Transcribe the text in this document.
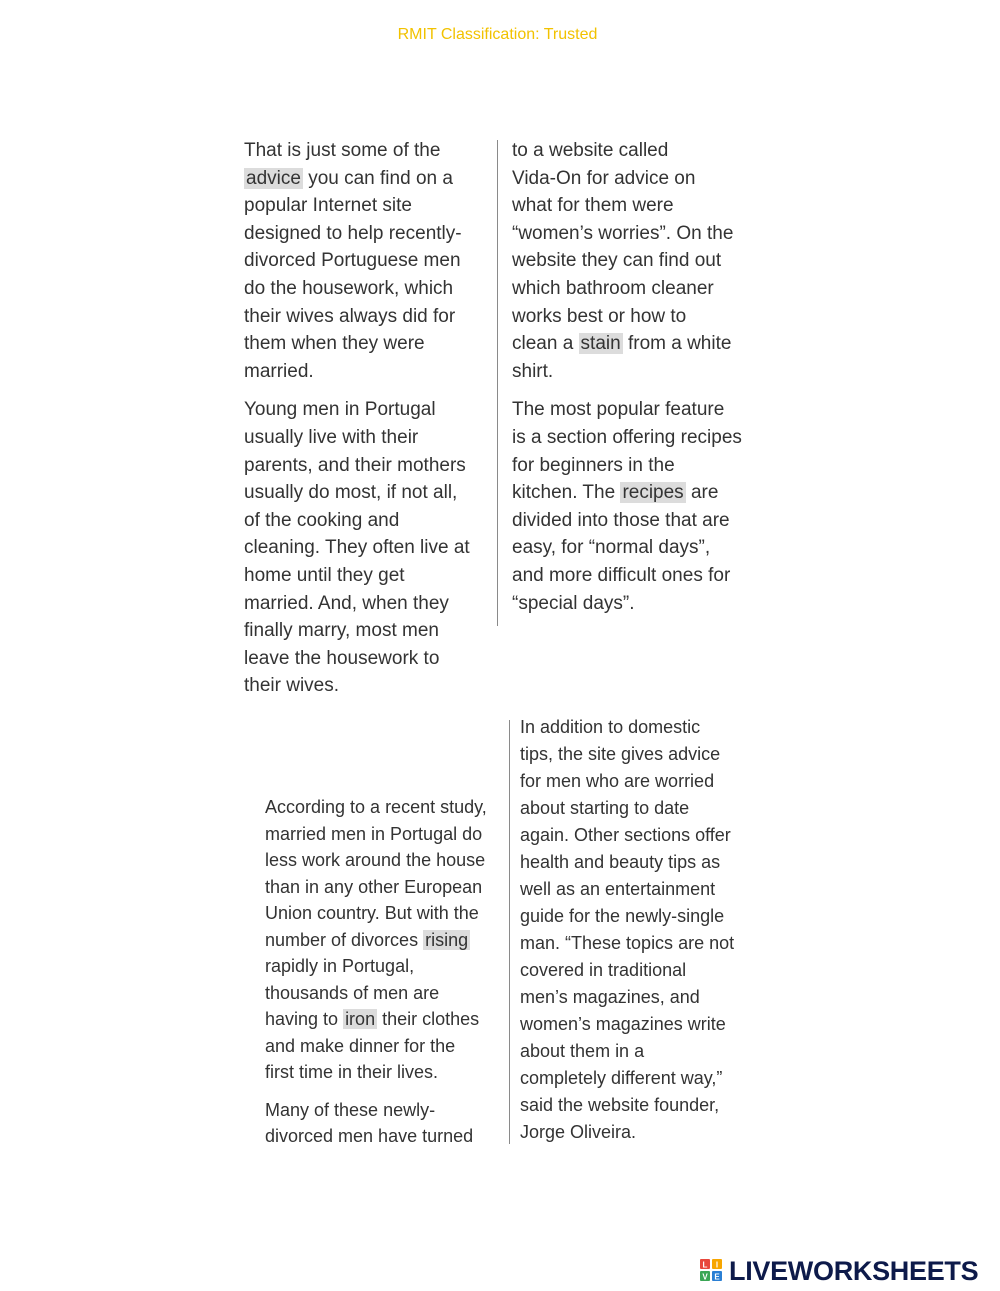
RMIT Classification: Trusted

That is just some of the
advice you can find on a
popular Internet site
designed to help recently-
divorced Portuguese men
do the housework, which
their wives always did for
them when they were
married.

Young men in Portugal
usually live with their
parents, and their mothers
usually do most, if not all,
of the cooking and
cleaning. They often live at
home until they get
married. And, when they
finally marry, most men
leave the housework to
their wives.

to a website called
Vida-On for advice on
what for them were
“women’s worries”. On the
website they can find out
which bathroom cleaner
works best or how to
clean a stain from a white
shirt.

The most popular feature
is a section offering recipes
for beginners in the
kitchen. The recipes are
divided into those that are
easy, for “normal days”,
and more difficult ones for
“special days”.

According to a recent study,
married men in Portugal do
less work around the house
than in any other European
Union country. But with the
number of divorces rising
rapidly in Portugal,
thousands of men are
having to iron their clothes
and make dinner for the
first time in their lives.

Many of these newly-
divorced men have turned

In addition to domestic
tips, the site gives advice
for men who are worried
about starting to date
again. Other sections offer
health and beauty tips as
well as an entertainment
guide for the newly-single
man. “These topics are not
covered in traditional
men’s magazines, and
women’s magazines write
about them in a
completely different way,”
said the website founder,
Jorge Oliveira.

L I
V E LIVEWORKSHEETS
